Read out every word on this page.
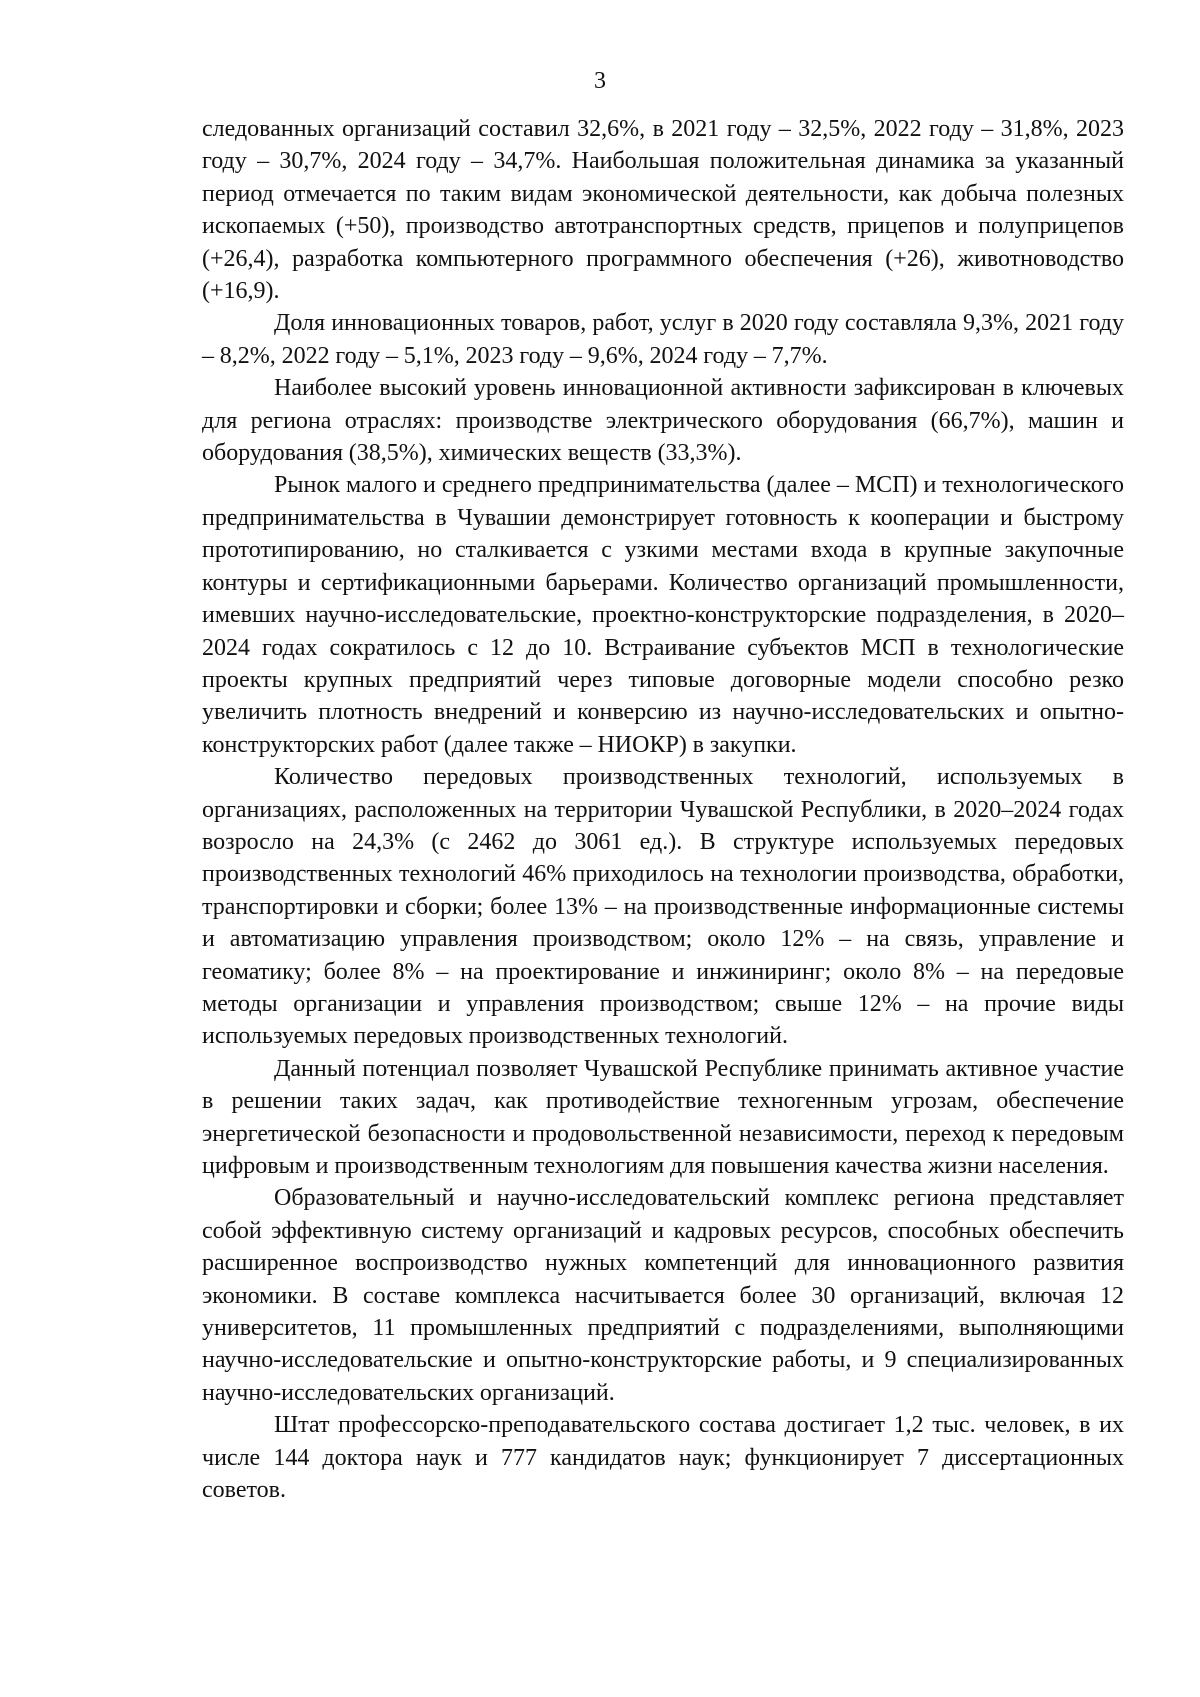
3

следованных организаций составил 32,6%, в 2021 году – 32,5%, 2022 году – 31,8%, 2023 году – 30,7%, 2024 году – 34,7%. Наибольшая положительная динамика за указанный период отмечается по таким видам экономической деятельности, как добыча полезных ископаемых (+50), производство автотранспортных средств, прицепов и полуприцепов (+26,4), разработка компьютерного программного обеспечения (+26), животноводство (+16,9).

Доля инновационных товаров, работ, услуг в 2020 году составляла 9,3%, 2021 году – 8,2%, 2022 году – 5,1%, 2023 году – 9,6%, 2024 году – 7,7%.

Наиболее высокий уровень инновационной активности зафиксирован в ключевых для региона отраслях: производстве электрического оборудования (66,7%), машин и оборудования (38,5%), химических веществ (33,3%).

Рынок малого и среднего предпринимательства (далее – МСП) и технологического предпринимательства в Чувашии демонстрирует готовность к кооперации и быстрому прототипированию, но сталкивается с узкими местами входа в крупные закупочные контуры и сертификационными барьерами. Количество организаций промышленности, имевших научно-исследовательские, проектно-конструкторские подразделения, в 2020–2024 годах сократилось с 12 до 10. Встраивание субъектов МСП в технологические проекты крупных предприятий через типовые договорные модели способно резко увеличить плотность внедрений и конверсию из научно-исследовательских и опытно-конструкторских работ (далее также – НИОКР) в закупки.

Количество передовых производственных технологий, используемых в организациях, расположенных на территории Чувашской Республики, в 2020–2024 годах возросло на 24,3% (с 2462 до 3061 ед.). В структуре используемых передовых производственных технологий 46% приходилось на технологии производства, обработки, транспортировки и сборки; более 13% – на производственные информационные системы и автоматизацию управления производством; около 12% – на связь, управление и геоматику; более 8% – на проектирование и инжиниринг; около 8% – на передовые методы организации и управления производством; свыше 12% – на прочие виды используемых передовых производственных технологий.

Данный потенциал позволяет Чувашской Республике принимать активное участие в решении таких задач, как противодействие техногенным угрозам, обеспечение энергетической безопасности и продовольственной независимости, переход к передовым цифровым и производственным технологиям для повышения качества жизни населения.

Образовательный и научно-исследовательский комплекс региона представляет собой эффективную систему организаций и кадровых ресурсов, способных обеспечить расширенное воспроизводство нужных компетенций для инновационного развития экономики. В составе комплекса насчитывается более 30 организаций, включая 12 университетов, 11 промышленных предприятий с подразделениями, выполняющими научно-исследовательские и опытно-конструкторские работы, и 9 специализированных научно-исследовательских организаций.

Штат профессорско-преподавательского состава достигает 1,2 тыс. человек, в их числе 144 доктора наук и 777 кандидатов наук; функционирует 7 диссертационных советов.
